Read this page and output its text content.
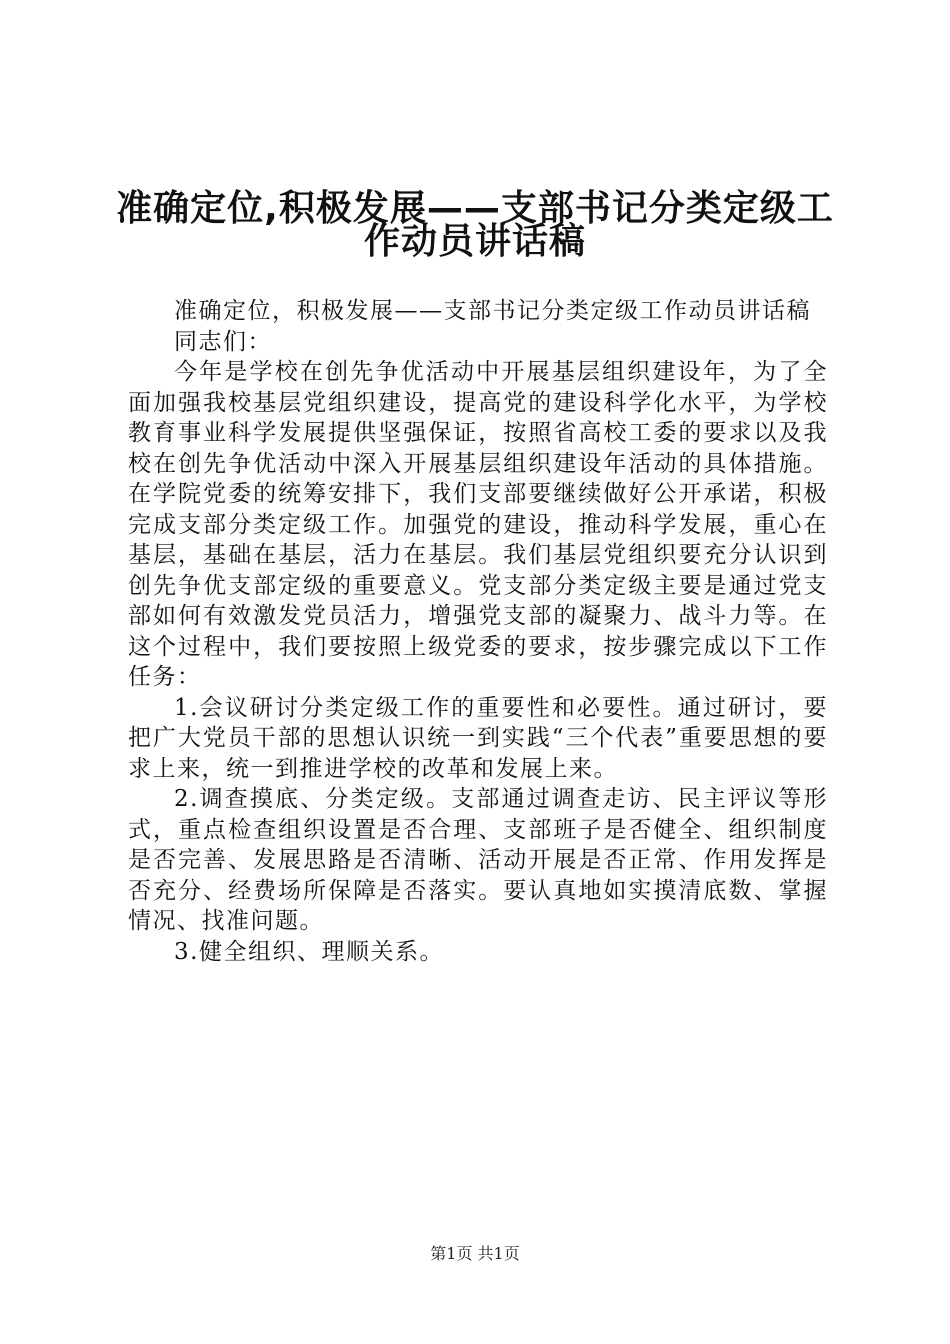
准确定位,积极发展——支部书记分类定级工
作动员讲话稿

准确定位，积极发展——支部书记分类定级工作动员讲话稿

同志们：

今年是学校在创先争优活动中开展基层组织建设年，为了全面加强我校基层党组织建设，提高党的建设科学化水平，为学校教育事业科学发展提供坚强保证，按照省高校工委的要求以及我校在创先争优活动中深入开展基层组织建设年活动的具体措施。在学院党委的统筹安排下，我们支部要继续做好公开承诺，积极完成支部分类定级工作。加强党的建设，推动科学发展，重心在基层，基础在基层，活力在基层。我们基层党组织要充分认识到创先争优支部定级的重要意义。党支部分类定级主要是通过党支部如何有效激发党员活力，增强党支部的凝聚力、战斗力等。在这个过程中，我们要按照上级党委的要求，按步骤完成以下工作任务：

1.会议研讨分类定级工作的重要性和必要性。通过研讨，要把广大党员干部的思想认识统一到实践“三个代表”重要思想的要求上来，统一到推进学校的改革和发展上来。

2.调查摸底、分类定级。支部通过调查走访、民主评议等形式，重点检查组织设置是否合理、支部班子是否健全、组织制度是否完善、发展思路是否清晰、活动开展是否正常、作用发挥是否充分、经费场所保障是否落实。要认真地如实摸清底数、掌握情况、找准问题。

3.健全组织、理顺关系。

第1页 共1页
